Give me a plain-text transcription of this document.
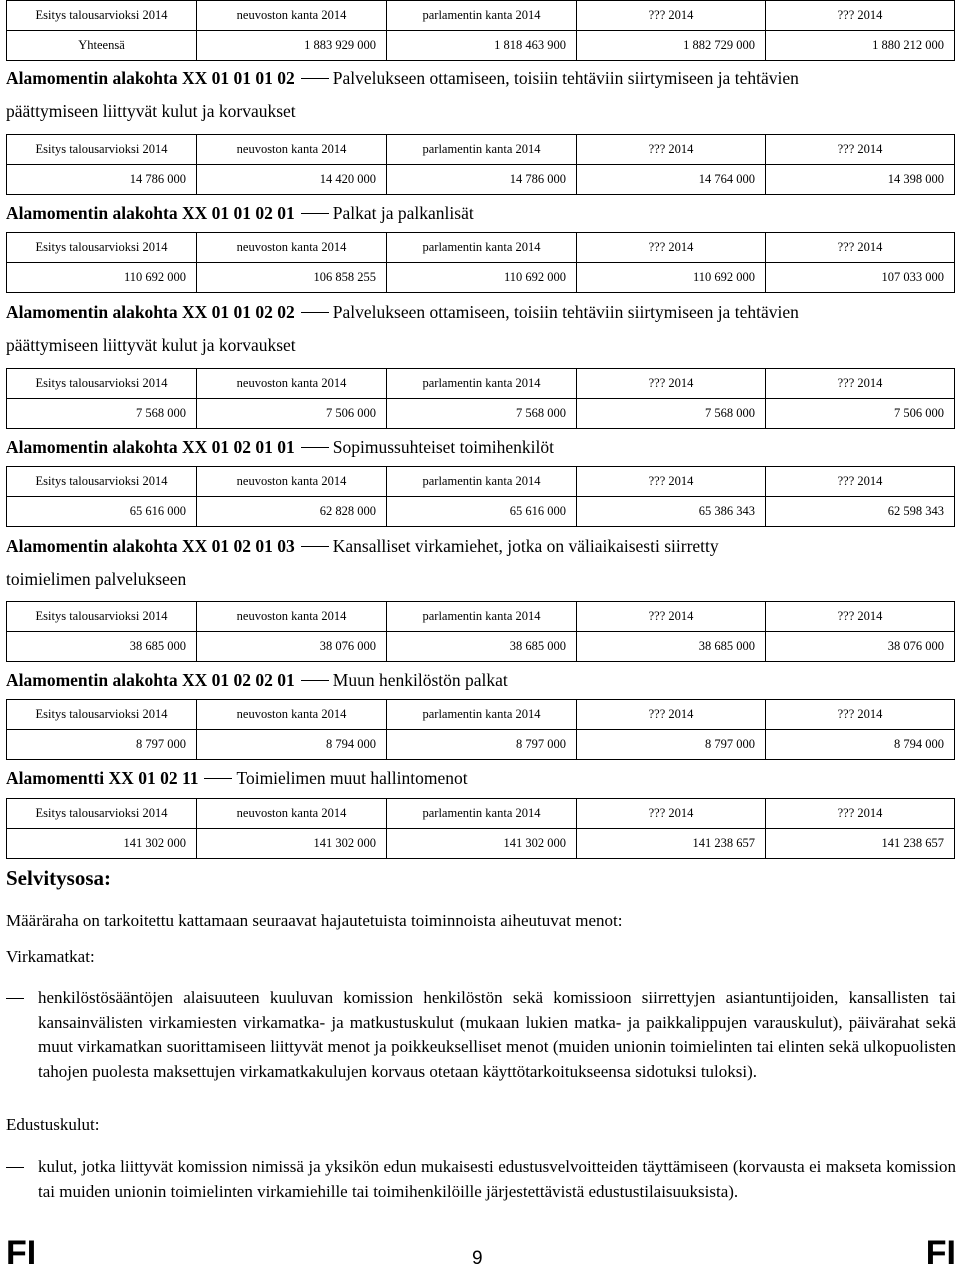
Esitys talousarvioksi 2014	neuvoston kanta 2014	parlamentin kanta 2014	??? 2014	??? 2014	
Yhteensä	1 883 929 000	1 818 463 900	1 882 729 000	1 880 212 000	
Alamomentin alakohta XX 01 01 01 02 Palvelukseen ottamiseen, toisiin tehtäviin siirtymiseen ja tehtävien
päättymiseen liittyvät kulut ja korvaukset
Esitys talousarvioksi 2014	neuvoston kanta 2014	parlamentin kanta 2014	??? 2014	??? 2014
14 786 000	14 420 000	14 786 000	14 764 000	14 398 000
Alamomentin alakohta XX 01 01 02 01 Palkat ja palkanlisät
Esitys talousarvioksi 2014	neuvoston kanta 2014	parlamentin kanta 2014	??? 2014	??? 2014
110 692 000	106 858 255	110 692 000	110 692 000	107 033 000
Alamomentin alakohta XX 01 01 02 02 Palvelukseen ottamiseen, toisiin tehtäviin siirtymiseen ja tehtävien
päättymiseen liittyvät kulut ja korvaukset
Esitys talousarvioksi 2014	neuvoston kanta 2014	parlamentin kanta 2014	??? 2014	??? 2014
7 568 000	7 506 000	7 568 000	7 568 000	7 506 000
Alamomentin alakohta XX 01 02 01 01 Sopimussuhteiset toimihenkilöt
Esitys talousarvioksi 2014	neuvoston kanta 2014	parlamentin kanta 2014	??? 2014	??? 2014
65 616 000	62 828 000	65 616 000	65 386 343	62 598 343
Alamomentin alakohta XX 01 02 01 03 Kansalliset virkamiehet, jotka on väliaikaisesti siirretty
toimielimen palvelukseen
Esitys talousarvioksi 2014	neuvoston kanta 2014	parlamentin kanta 2014	??? 2014	??? 2014
38 685 000	38 076 000	38 685 000	38 685 000	38 076 000
Alamomentin alakohta XX 01 02 02 01 Muun henkilöstön palkat
Esitys talousarvioksi 2014	neuvoston kanta 2014	parlamentin kanta 2014	??? 2014	??? 2014
8 797 000	8 794 000	8 797 000	8 797 000	8 794 000
Alamomentti XX 01 02 11 Toimielimen muut hallintomenot
Esitys talousarvioksi 2014	neuvoston kanta 2014	parlamentin kanta 2014	??? 2014	??? 2014
141 302 000	141 302 000	141 302 000	141 238 657	141 238 657
Selvitysosa:
Määräraha on tarkoitettu kattamaan seuraavat hajautetuista toiminnoista aiheutuvat menot:
Virkamatkat:
henkilöstösääntöjen alaisuuteen kuuluvan komission henkilöstön sekä komissioon siirrettyjen asiantuntijoiden, kansallisten tai kansainvälisten virkamiesten virkamatka- ja matkustuskulut (mukaan lukien matka- ja paikkalippujen varauskulut), päivärahat sekä muut virkamatkan suorittamiseen liittyvät menot ja poikkeukselliset menot (muiden unionin toimielinten tai elinten sekä ulkopuolisten tahojen puolesta maksettujen virkamatkakulujen korvaus otetaan käyttötarkoitukseensa sidotuksi tuloksi).
Edustuskulut:
kulut, jotka liittyvät komission nimissä ja yksikön edun mukaisesti edustusvelvoitteiden täyttämiseen (korvausta ei makseta komission tai muiden unionin toimielinten virkamiehille tai toimihenkilöille järjestettävistä edustustilaisuuksista).
FI	9	FI
